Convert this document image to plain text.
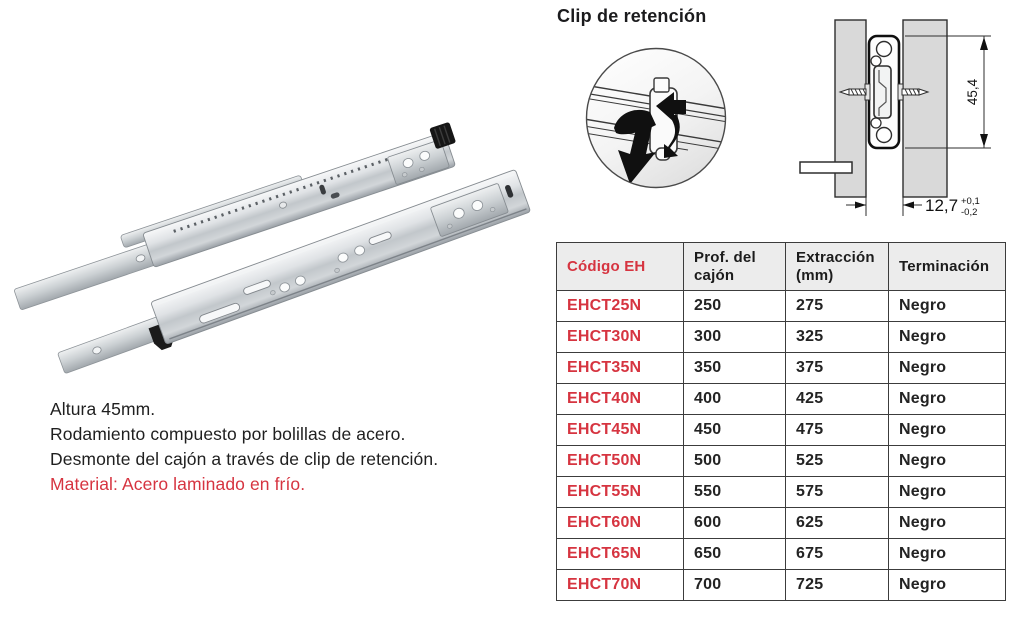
Altura 45mm.

Rodamiento compuesto por bolillas de acero.

Desmonte del cajón a través de clip de retención.

Material: Acero laminado en frío.

Clip de retención
45,4
12,7 +0,1
-0,2
Código EH	Prof. del cajón	Extracción (mm)	Terminación
EHCT25N	250	275	Negro
EHCT30N	300	325	Negro
EHCT35N	350	375	Negro
EHCT40N	400	425	Negro
EHCT45N	450	475	Negro
EHCT50N	500	525	Negro
EHCT55N	550	575	Negro
EHCT60N	600	625	Negro
EHCT65N	650	675	Negro
EHCT70N	700	725	Negro
